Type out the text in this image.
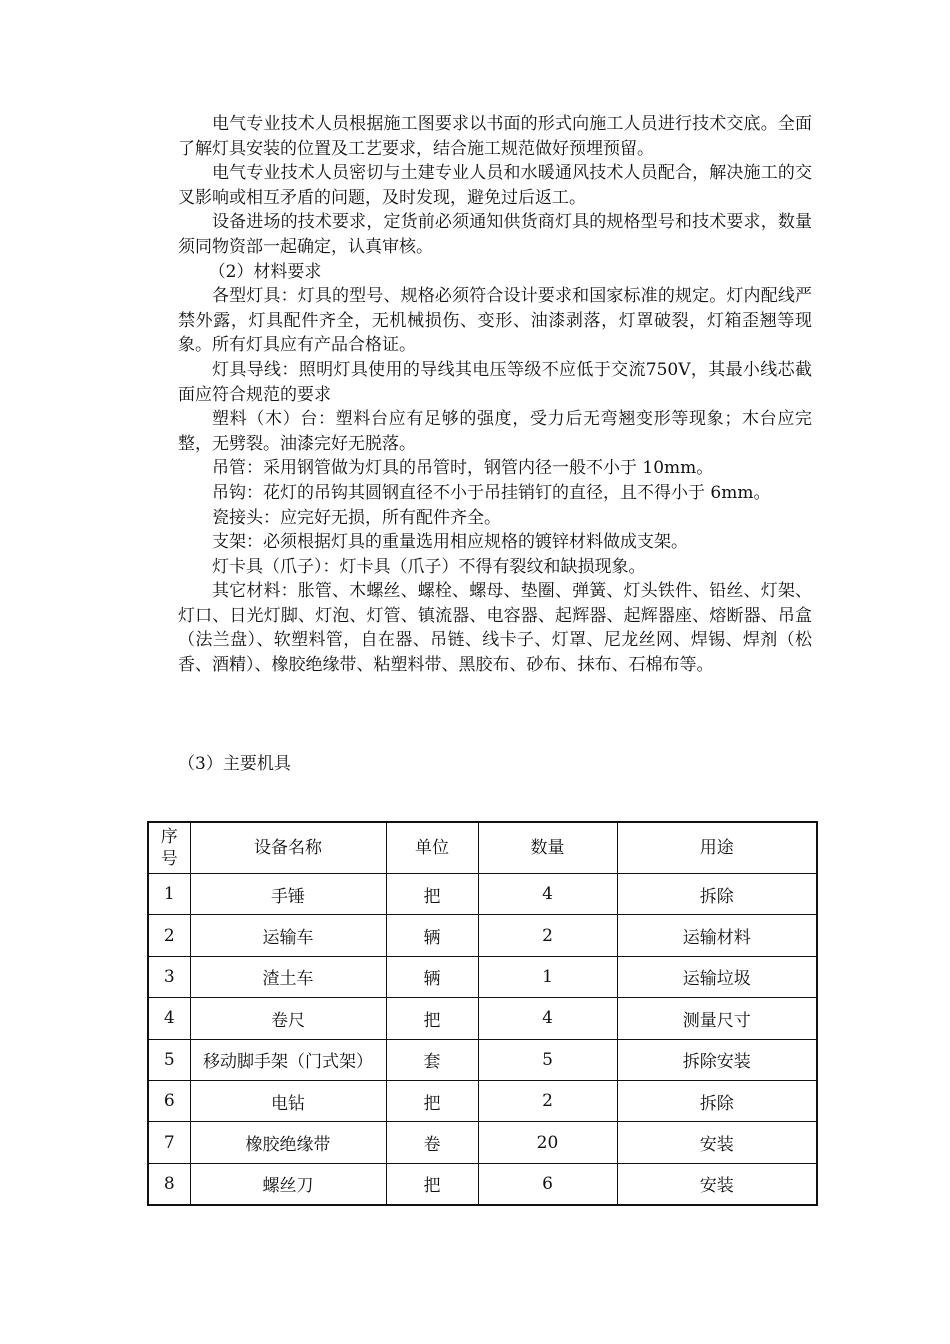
电气专业技术人员根据施工图要求以书面的形式向施工人员进行技术交底。全面了解灯具安装的位置及工艺要求，结合施工规范做好预埋预留。

电气专业技术人员密切与土建专业人员和水暖通风技术人员配合，解决施工的交叉影响或相互矛盾的问题，及时发现，避免过后返工。

设备进场的技术要求，定货前必须通知供货商灯具的规格型号和技术要求，数量须同物资部一起确定，认真审核。

（2）材料要求

各型灯具：灯具的型号、规格必须符合设计要求和国家标准的规定。灯内配线严禁外露，灯具配件齐全，无机械损伤、变形、油漆剥落，灯罩破裂，灯箱歪翘等现象。所有灯具应有产品合格证。

灯具导线：照明灯具使用的导线其电压等级不应低于交流750V，其最小线芯截面应符合规范的要求

塑料（木）台：塑料台应有足够的强度，受力后无弯翘变形等现象；木台应完整，无劈裂。油漆完好无脱落。

吊管：采用钢管做为灯具的吊管时，钢管内径一般不小于 10mm。

吊钩：花灯的吊钩其圆钢直径不小于吊挂销钉的直径，且不得小于 6mm。

瓷接头：应完好无损，所有配件齐全。

支架：必须根据灯具的重量选用相应规格的镀锌材料做成支架。

灯卡具（爪子）：灯卡具（爪子）不得有裂纹和缺损现象。

其它材料：胀管、木螺丝、螺栓、螺母、垫圈、弹簧、灯头铁件、铅丝、灯架、灯口、日光灯脚、灯泡、灯管、镇流器、电容器、起辉器、起辉器座、熔断器、吊盒（法兰盘）、软塑料管，自在器、吊链、线卡子、灯罩、尼龙丝网、焊锡、焊剂（松香、酒精）、橡胶绝缘带、粘塑料带、黑胶布、砂布、抹布、石棉布等。

（3）主要机具
序号	设备名称	单位	数量	用途
1	手锤	把	4	拆除
2	运输车	辆	2	运输材料
3	渣土车	辆	1	运输垃圾
4	卷尺	把	4	测量尺寸
5	移动脚手架（门式架）	套	5	拆除安装
6	电钻	把	2	拆除
7	橡胶绝缘带	卷	20	安装
8	螺丝刀	把	6	安装
